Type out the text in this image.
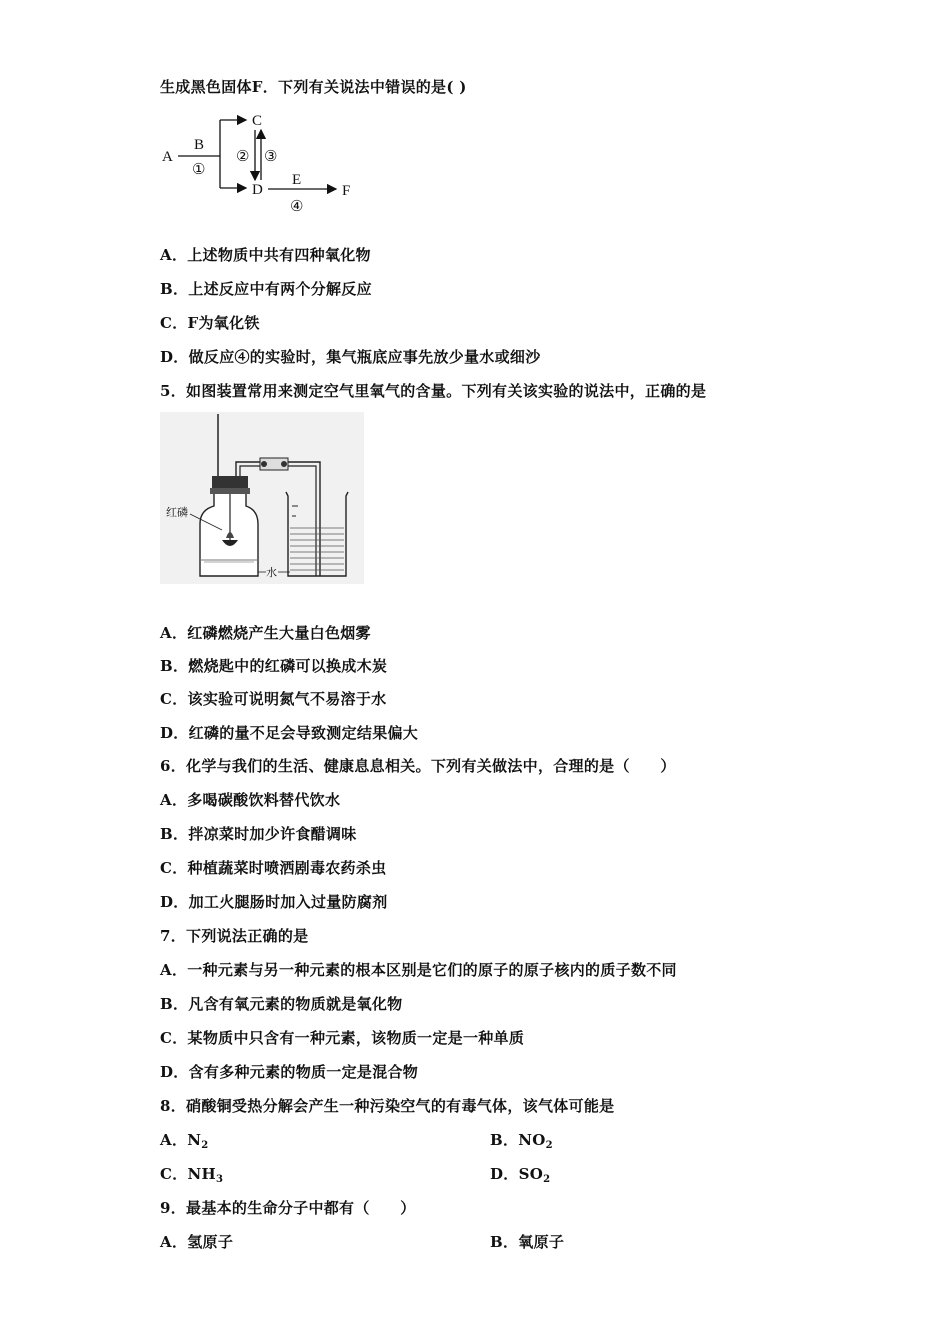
生成黑色固体F．下列有关说法中错误的是( )
A
B
①
C
D
② ③
E
④
F
A．上述物质中共有四种氧化物
B．上述反应中有两个分解反应
C．F为氧化铁
D．做反应④的实验时，集气瓶底应事先放少量水或细沙
5．如图装置常用来测定空气里氧气的含量。下列有关该实验的说法中，正确的是
红磷
水
A．红磷燃烧产生大量白色烟雾
B．燃烧匙中的红磷可以换成木炭
C．该实验可说明氮气不易溶于水
D．红磷的量不足会导致测定结果偏大
6．化学与我们的生活、健康息息相关。下列有关做法中，合理的是（　　）
A．多喝碳酸饮料替代饮水
B．拌凉菜时加少许食醋调味
C．种植蔬菜时喷洒剧毒农药杀虫
D．加工火腿肠时加入过量防腐剂
7．下列说法正确的是
A．一种元素与另一种元素的根本区别是它们的原子的原子核内的质子数不同
B．凡含有氧元素的物质就是氧化物
C．某物质中只含有一种元素，该物质一定是一种单质
D．含有多种元素的物质一定是混合物
8．硝酸铜受热分解会产生一种污染空气的有毒气体，该气体可能是
A．$N_2$	B．$NO_2$
C．$NH_3$	D．$SO_2$
9．最基本的生命分子中都有（　　）
A．氢原子	B．氧原子
